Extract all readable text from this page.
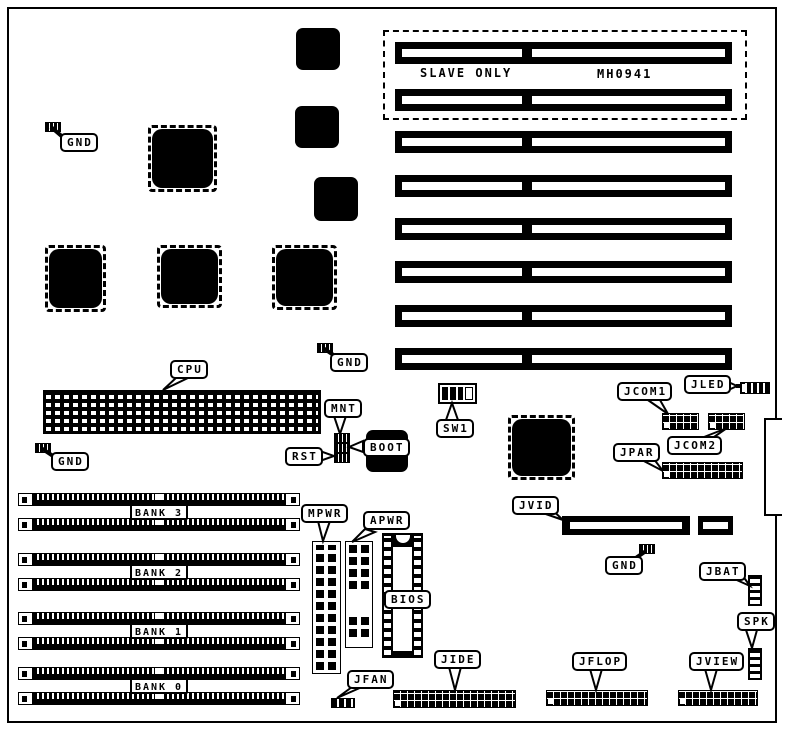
SLAVE ONLY	MH0941
BANK 3
BANK 2
BANK 1
BANK 0
GND
GND
GND
GND
CPU
MNT
RST
BOOT
SW1
JCOM1
JLED
JCOM2
JPAR
JVID
JBAT
SPK
MPWR
APWR
BIOS
JFAN
JIDE	JFLOP	JVIEW
